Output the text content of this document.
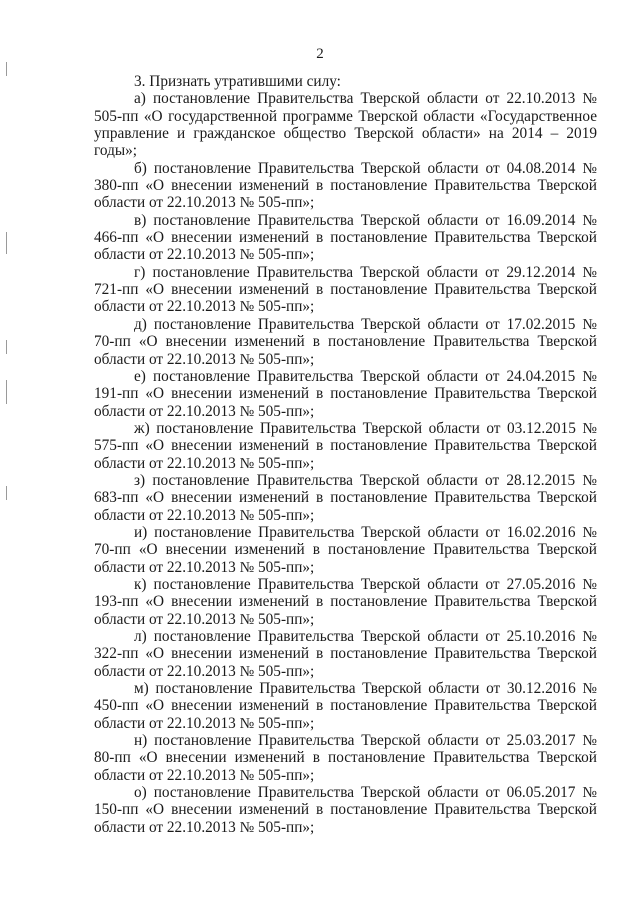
2

3. Признать утратившими силу:

а) постановление Правительства Тверской области от 22.10.2013 № 505-пп «О государственной программе Тверской области «Государственное управление и гражданское общество Тверской области» на 2014 – 2019 годы»;

б) постановление Правительства Тверской области от 04.08.2014 № 380-пп «О внесении изменений в постановление Правительства Тверской области от 22.10.2013 № 505-пп»;

в) постановление Правительства Тверской области от 16.09.2014 № 466-пп «О внесении изменений в постановление Правительства Тверской области от 22.10.2013 № 505-пп»;

г) постановление Правительства Тверской области от 29.12.2014 № 721-пп «О внесении изменений в постановление Правительства Тверской области от 22.10.2013 № 505-пп»;

д) постановление Правительства Тверской области от 17.02.2015 № 70-пп «О внесении изменений в постановление Правительства Тверской области от 22.10.2013 № 505-пп»;

е) постановление Правительства Тверской области от 24.04.2015 № 191-пп «О внесении изменений в постановление Правительства Тверской области от 22.10.2013 № 505-пп»;

ж) постановление Правительства Тверской области от 03.12.2015 № 575-пп «О внесении изменений в постановление Правительства Тверской области от 22.10.2013 № 505-пп»;

з) постановление Правительства Тверской области от 28.12.2015 № 683-пп «О внесении изменений в постановление Правительства Тверской области от 22.10.2013 № 505-пп»;

и) постановление Правительства Тверской области от 16.02.2016 № 70-пп «О внесении изменений в постановление Правительства Тверской области от 22.10.2013 № 505-пп»;

к) постановление Правительства Тверской области от 27.05.2016 № 193-пп «О внесении изменений в постановление Правительства Тверской области от 22.10.2013 № 505-пп»;

л) постановление Правительства Тверской области от 25.10.2016 № 322-пп «О внесении изменений в постановление Правительства Тверской области от 22.10.2013 № 505-пп»;

м) постановление Правительства Тверской области от 30.12.2016 № 450-пп «О внесении изменений в постановление Правительства Тверской области от 22.10.2013 № 505-пп»;

н) постановление Правительства Тверской области от 25.03.2017 № 80-пп «О внесении изменений в постановление Правительства Тверской области от 22.10.2013 № 505-пп»;

о) постановление Правительства Тверской области от 06.05.2017 № 150-пп «О внесении изменений в постановление Правительства Тверской области от 22.10.2013 № 505-пп»;
